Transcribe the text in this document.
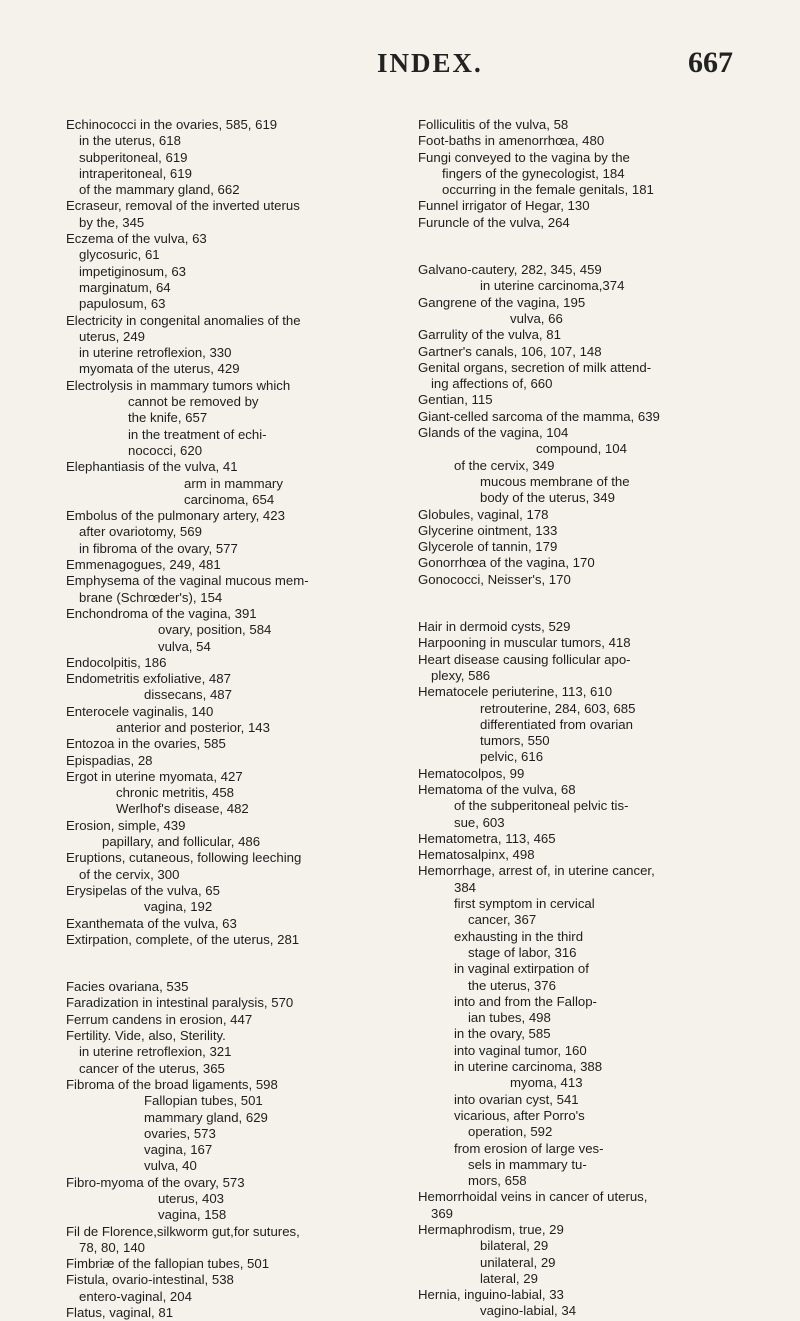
INDEX.	667
Echinococci in the ovaries, 585, 619
in the uterus, 618
subperitoneal, 619
intraperitoneal, 619
of the mammary gland, 662
Ecraseur, removal of the inverted uterus
by the, 345
Eczema of the vulva, 63
glycosuric, 61
impetiginosum, 63
marginatum, 64
papulosum, 63
Electricity in congenital anomalies of the
uterus, 249
in uterine retroflexion, 330
myomata of the uterus, 429
Electrolysis in mammary tumors which
cannot be removed by
the knife, 657
in the treatment of echi-
nococci, 620
Elephantiasis of the vulva, 41
arm in mammary
carcinoma, 654
Embolus of the pulmonary artery, 423
after ovariotomy, 569
in fibroma of the ovary, 577
Emmenagogues, 249, 481
Emphysema of the vaginal mucous mem-
brane (Schrœder's), 154
Enchondroma of the vagina, 391
ovary, position, 584
vulva, 54
Endocolpitis, 186
Endometritis exfoliative, 487
dissecans, 487
Enterocele vaginalis, 140
anterior and posterior, 143
Entozoa in the ovaries, 585
Epispadias, 28
Ergot in uterine myomata, 427
chronic metritis, 458
Werlhof's disease, 482
Erosion, simple, 439
papillary, and follicular, 486
Eruptions, cutaneous, following leeching
of the cervix, 300
Erysipelas of the vulva, 65
vagina, 192
Exanthemata of the vulva, 63
Extirpation, complete, of the uterus, 281
Facies ovariana, 535
Faradization in intestinal paralysis, 570
Ferrum candens in erosion, 447
Fertility. Vide, also, Sterility.
in uterine retroflexion, 321
cancer of the uterus, 365
Fibroma of the broad ligaments, 598
Fallopian tubes, 501
mammary gland, 629
ovaries, 573
vagina, 167
vulva, 40
Fibro-myoma of the ovary, 573
uterus, 403
vagina, 158
Fil de Florence,silkworm gut,for sutures,
78, 80, 140
Fimbriæ of the fallopian tubes, 501
Fistula, ovario-intestinal, 538
entero-vaginal, 204
Flatus, vaginal, 81
Folliculitis of the vulva, 58
Foot-baths in amenorrhœa, 480
Fungi conveyed to the vagina by the
fingers of the gynecologist, 184
occurring in the female genitals, 181
Funnel irrigator of Hegar, 130
Furuncle of the vulva, 264
Galvano-cautery, 282, 345, 459
in uterine carcinoma,374
Gangrene of the vagina, 195
vulva, 66
Garrulity of the vulva, 81
Gartner's canals, 106, 107, 148
Genital organs, secretion of milk attend-
ing affections of, 660
Gentian, 115
Giant-celled sarcoma of the mamma, 639
Glands of the vagina, 104
compound, 104
of the cervix, 349
mucous membrane of the
body of the uterus, 349
Globules, vaginal, 178
Glycerine ointment, 133
Glycerole of tannin, 179
Gonorrhœa of the vagina, 170
Gonococci, Neisser's, 170
Hair in dermoid cysts, 529
Harpooning in muscular tumors, 418
Heart disease causing follicular apo-
plexy, 586
Hematocele periuterine, 113, 610
retrouterine, 284, 603, 685
differentiated from ovarian
tumors, 550
pelvic, 616
Hematocolpos, 99
Hematoma of the vulva, 68
of the subperitoneal pelvic tis-
sue, 603
Hematometra, 113, 465
Hematosalpinx, 498
Hemorrhage, arrest of, in uterine cancer,
384
first symptom in cervical
cancer, 367
exhausting in the third
stage of labor, 316
in vaginal extirpation of
the uterus, 376
into and from the Fallop-
ian tubes, 498
in the ovary, 585
into vaginal tumor, 160
in uterine carcinoma, 388
myoma, 413
into ovarian cyst, 541
vicarious, after Porro's
operation, 592
from erosion of large ves-
sels in mammary tu-
mors, 658
Hemorrhoidal veins in cancer of uterus,
369
Hermaphrodism, true, 29
bilateral, 29
unilateral, 29
lateral, 29
Hernia, inguino-labial, 33
vagino-labial, 34
